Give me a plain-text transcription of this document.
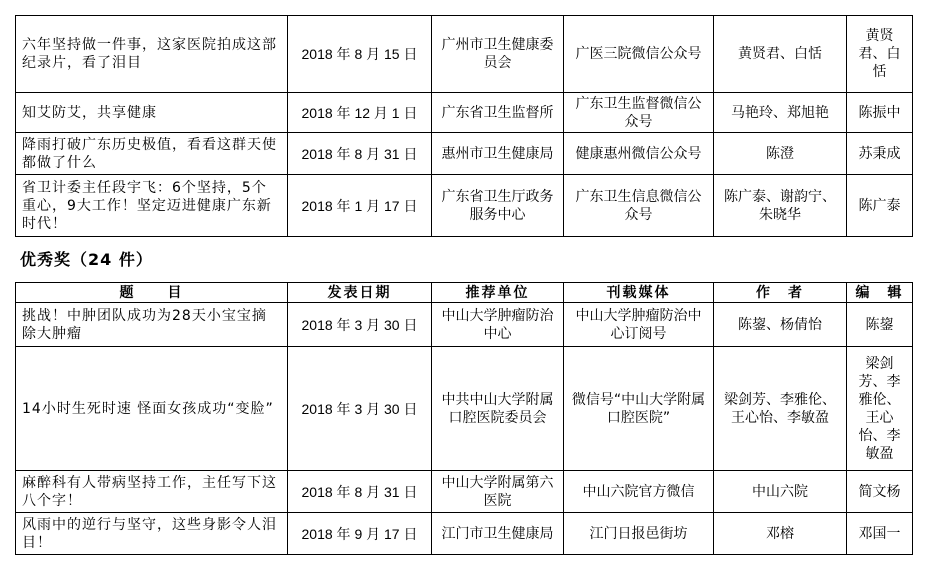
六年坚持做一件事，这家医院拍成这部纪录片，看了泪目	2018 年 8 月 15 日	广州市卫生健康委员会	广医三院微信公众号	黄贤君、白恬	黄贤君、白恬
知艾防艾，共享健康	2018 年 12 月 1 日	广东省卫生监督所	广东卫生监督微信公众号	马艳玲、郑旭艳	陈振中
降雨打破广东历史极值，看看这群天使都做了什么	2018 年 8 月 31 日	惠州市卫生健康局	健康惠州微信公众号	陈澄	苏秉成
省卫计委主任段宇飞：6个坚持，5个重心，9大工作！坚定迈进健康广东新时代！	2018 年 1 月 17 日	广东省卫生厅政务服务中心	广东卫生信息微信公众号	陈广泰、谢韵宁、朱晓华	陈广泰
优秀奖（24 件）
题　　目	发表日期	推荐单位	刊载媒体	作　者	编　辑
挑战！中肿团队成功为28天小宝宝摘除大肿瘤	2018 年 3 月 30 日	中山大学肿瘤防治中心	中山大学肿瘤防治中心订阅号	陈鋆、杨倩怡	陈鋆
14小时生死时速 怪面女孩成功“变脸”	2018 年 3 月 30 日	中共中山大学附属口腔医院委员会	微信号“中山大学附属口腔医院”	梁剑芳、李雅伦、王心怡、李敏盈	梁剑芳、李雅伦、王心怡、李敏盈
麻醉科有人带病坚持工作，主任写下这八个字！	2018 年 8 月 31 日	中山大学附属第六医院	中山六院官方微信	中山六院	简文杨
风雨中的逆行与坚守，这些身影令人泪目！	2018 年 9 月 17 日	江门市卫生健康局	江门日报邑街坊	邓榕	邓国一
